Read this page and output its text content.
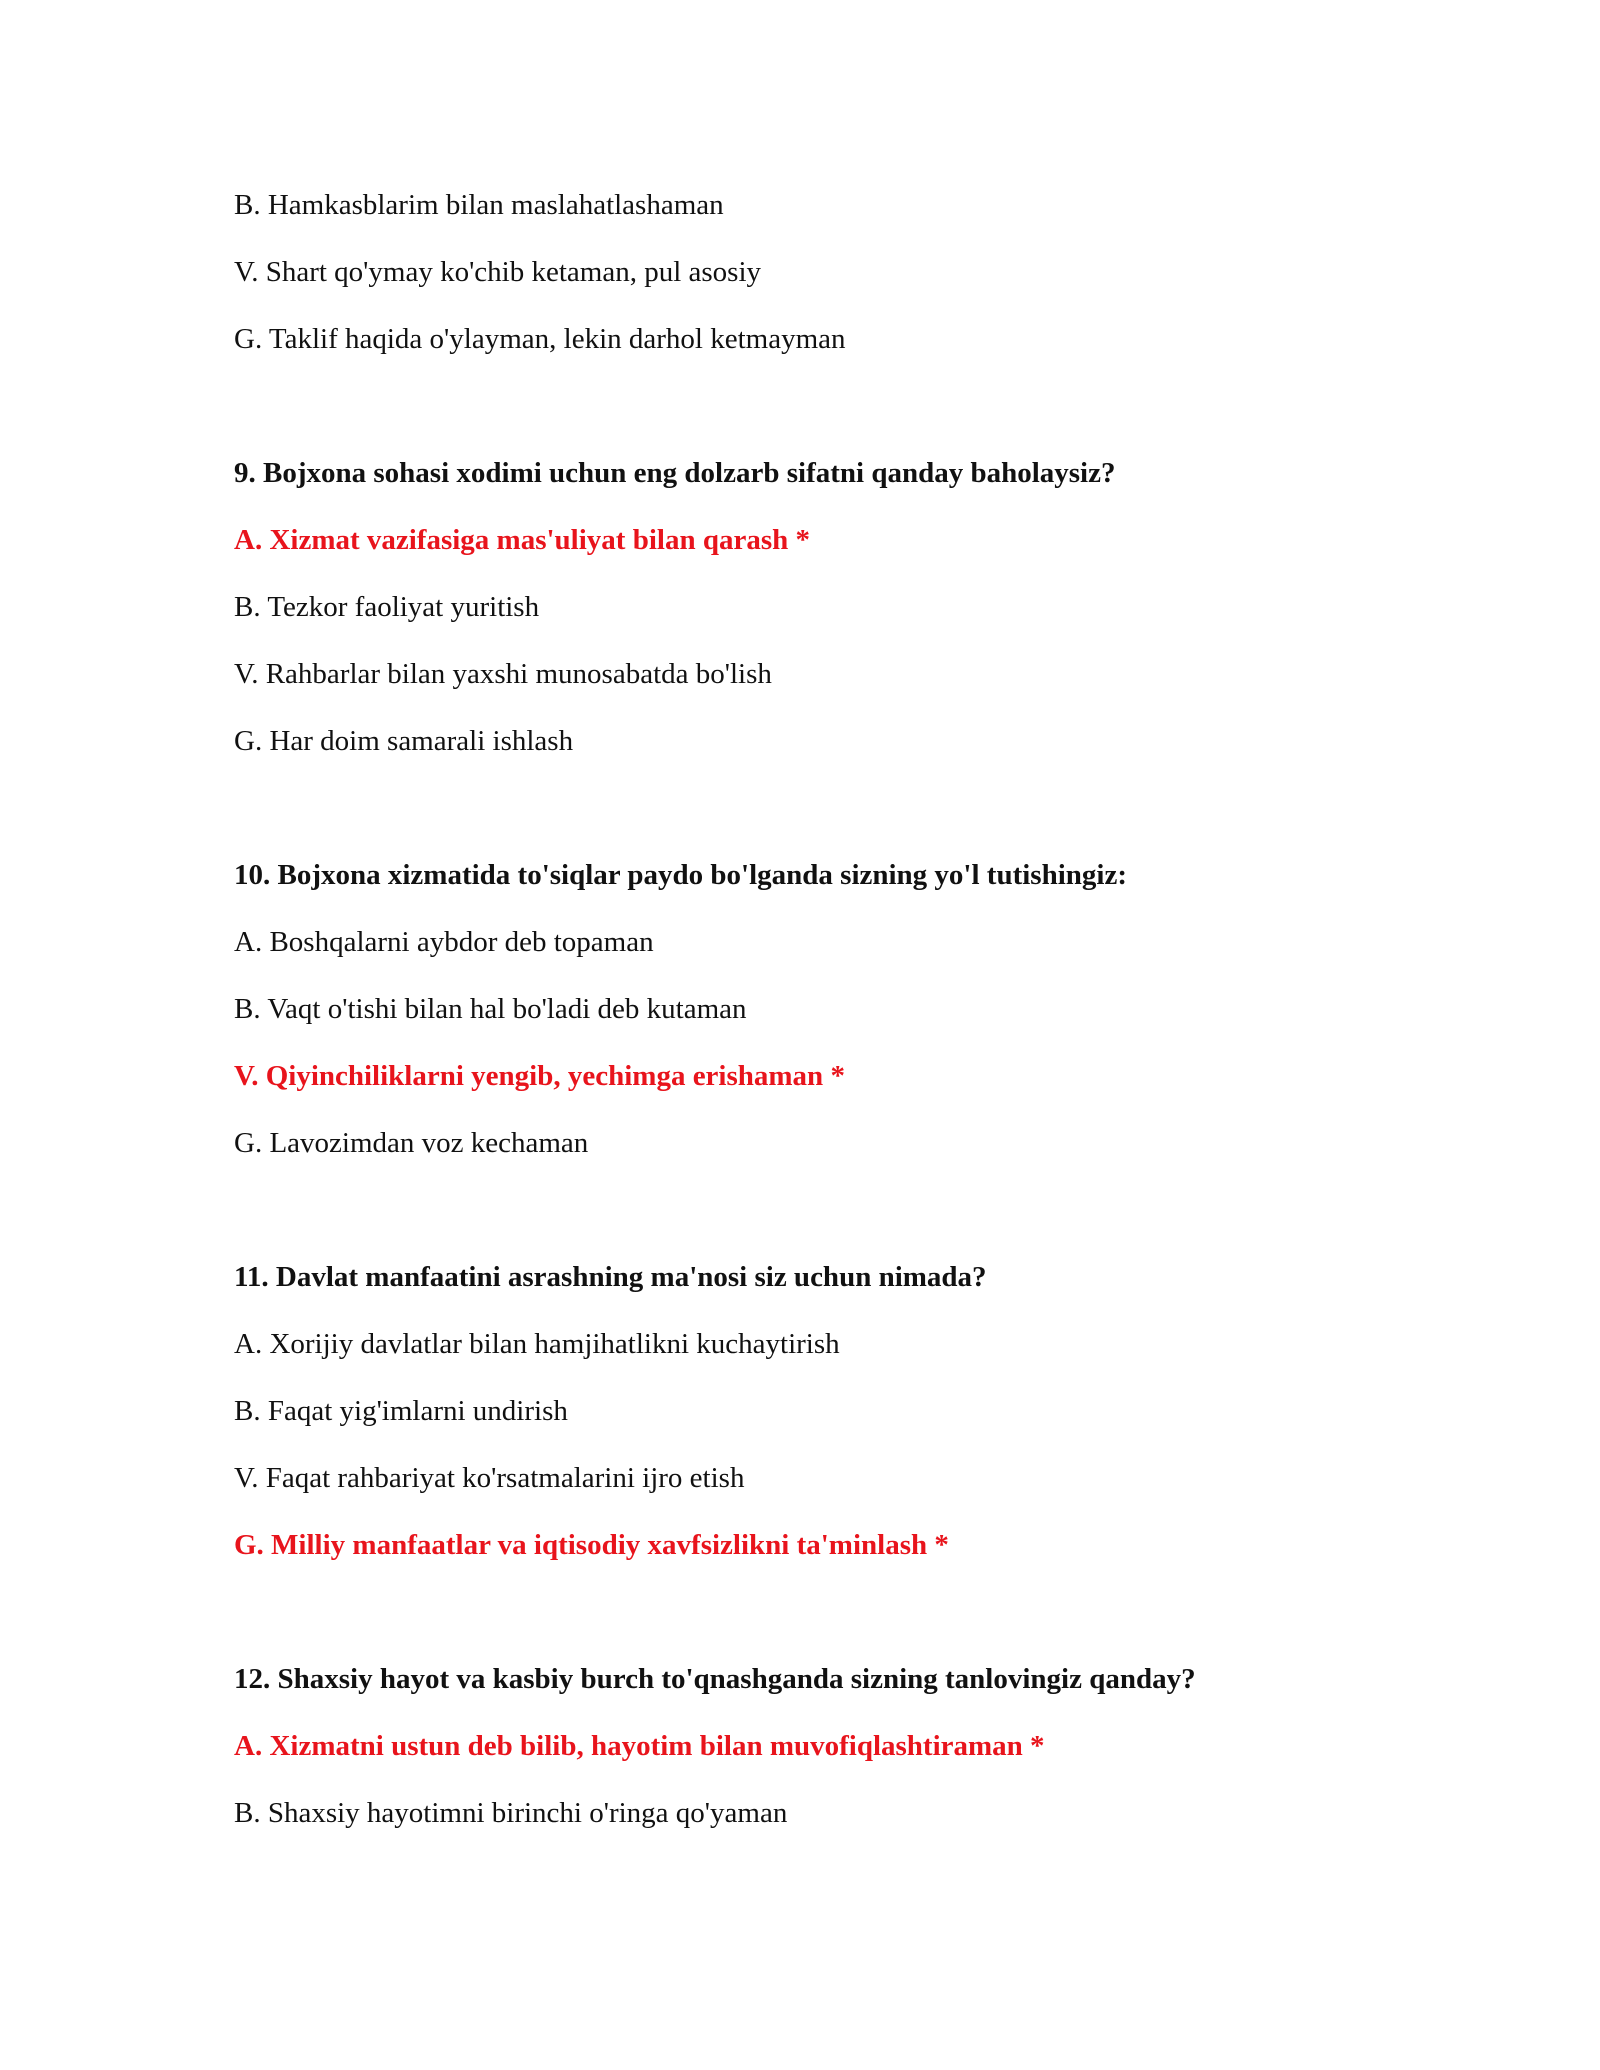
B. Hamkasblarim bilan maslahatlashaman
V. Shart qo'ymay ko'chib ketaman, pul asosiy
G. Taklif haqida o'ylayman, lekin darhol ketmayman
9. Bojxona sohasi xodimi uchun eng dolzarb sifatni qanday baholaysiz?
A. Xizmat vazifasiga mas'uliyat bilan qarash *
B. Tezkor faoliyat yuritish
V. Rahbarlar bilan yaxshi munosabatda bo'lish
G. Har doim samarali ishlash
10. Bojxona xizmatida to'siqlar paydo bo'lganda sizning yo'l tutishingiz:
A. Boshqalarni aybdor deb topaman
B. Vaqt o'tishi bilan hal bo'ladi deb kutaman
V. Qiyinchiliklarni yengib, yechimga erishaman *
G. Lavozimdan voz kechaman
11. Davlat manfaatini asrashning ma'nosi siz uchun nimada?
A. Xorijiy davlatlar bilan hamjihatlikni kuchaytirish
B. Faqat yig'imlarni undirish
V. Faqat rahbariyat ko'rsatmalarini ijro etish
G. Milliy manfaatlar va iqtisodiy xavfsizlikni ta'minlash *
12. Shaxsiy hayot va kasbiy burch to'qnashganda sizning tanlovingiz qanday?
A. Xizmatni ustun deb bilib, hayotim bilan muvofiqlashtiraman *
B. Shaxsiy hayotimni birinchi o'ringa qo'yaman
